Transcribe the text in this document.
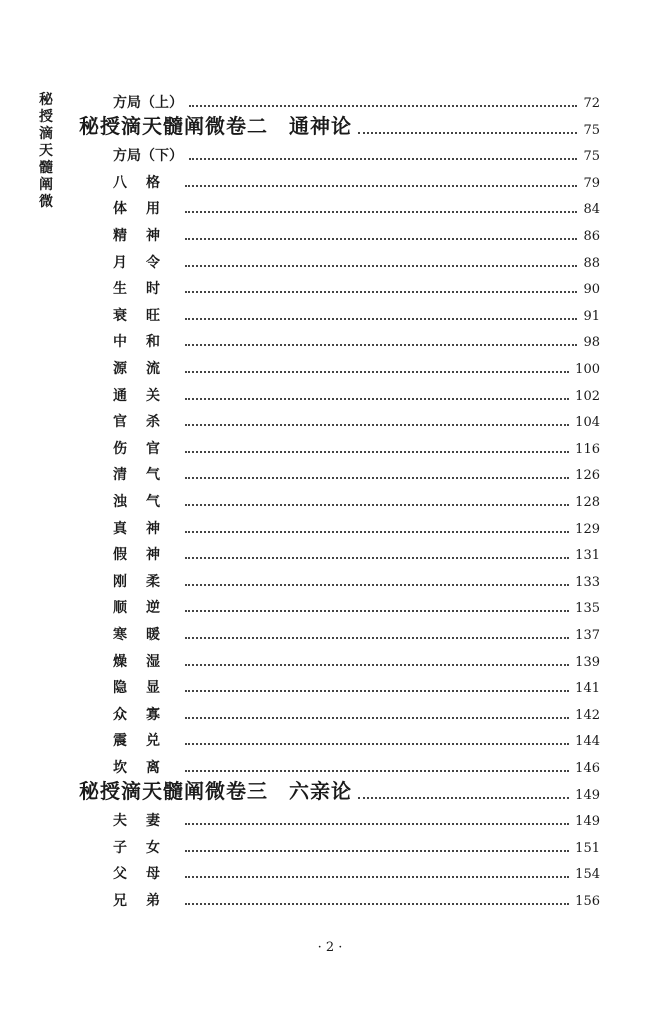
秘授滴天髓阐微
方局（上）	72
秘授滴天髓阐微卷二　通神论	75
方局（下）	75
八格	79
体用	84
精神	86
月令	88
生时	90
衰旺	91
中和	98
源流	100
通关	102
官杀	104
伤官	116
清气	126
浊气	128
真神	129
假神	131
刚柔	133
顺逆	135
寒暖	137
燥湿	139
隐显	141
众寡	142
震兑	144
坎离	146
秘授滴天髓阐微卷三　六亲论	149
夫妻	149
子女	151
父母	154
兄弟	156
· 2 ·
